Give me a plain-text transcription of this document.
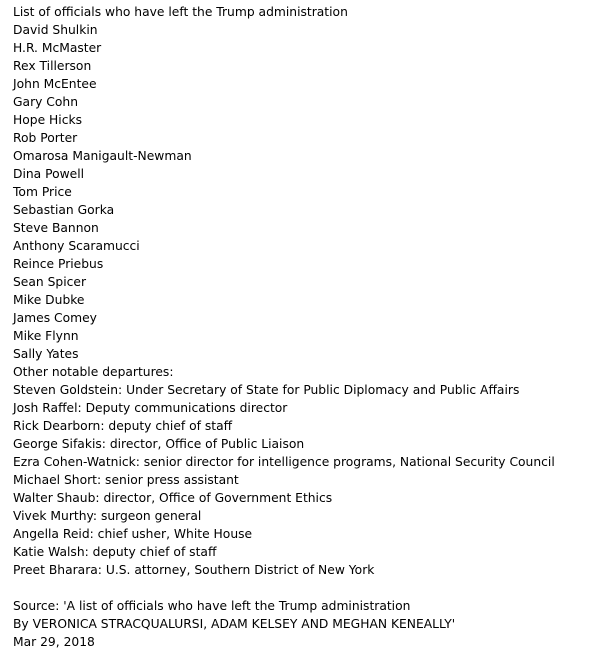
List of officials who have left the Trump administration
David Shulkin
H.R. McMaster
Rex Tillerson
John McEntee
Gary Cohn
Hope Hicks
Rob Porter
Omarosa Manigault-Newman
Dina Powell
Tom Price
Sebastian Gorka
Steve Bannon
Anthony Scaramucci
Reince Priebus
Sean Spicer
Mike Dubke
James Comey
Mike Flynn
Sally Yates
Other notable departures:
Steven Goldstein: Under Secretary of State for Public Diplomacy and Public Affairs
Josh Raffel: Deputy communications director
Rick Dearborn: deputy chief of staff
George Sifakis: director, Office of Public Liaison
Ezra Cohen-Watnick: senior director for intelligence programs, National Security Council
Michael Short: senior press assistant
Walter Shaub: director, Office of Government Ethics
Vivek Murthy: surgeon general
Angella Reid: chief usher, White House
Katie Walsh: deputy chief of staff
Preet Bharara: U.S. attorney, Southern District of New York
Source: 'A list of officials who have left the Trump administration
By VERONICA STRACQUALURSI, ADAM KELSEY AND MEGHAN KENEALLY'
Mar 29, 2018
